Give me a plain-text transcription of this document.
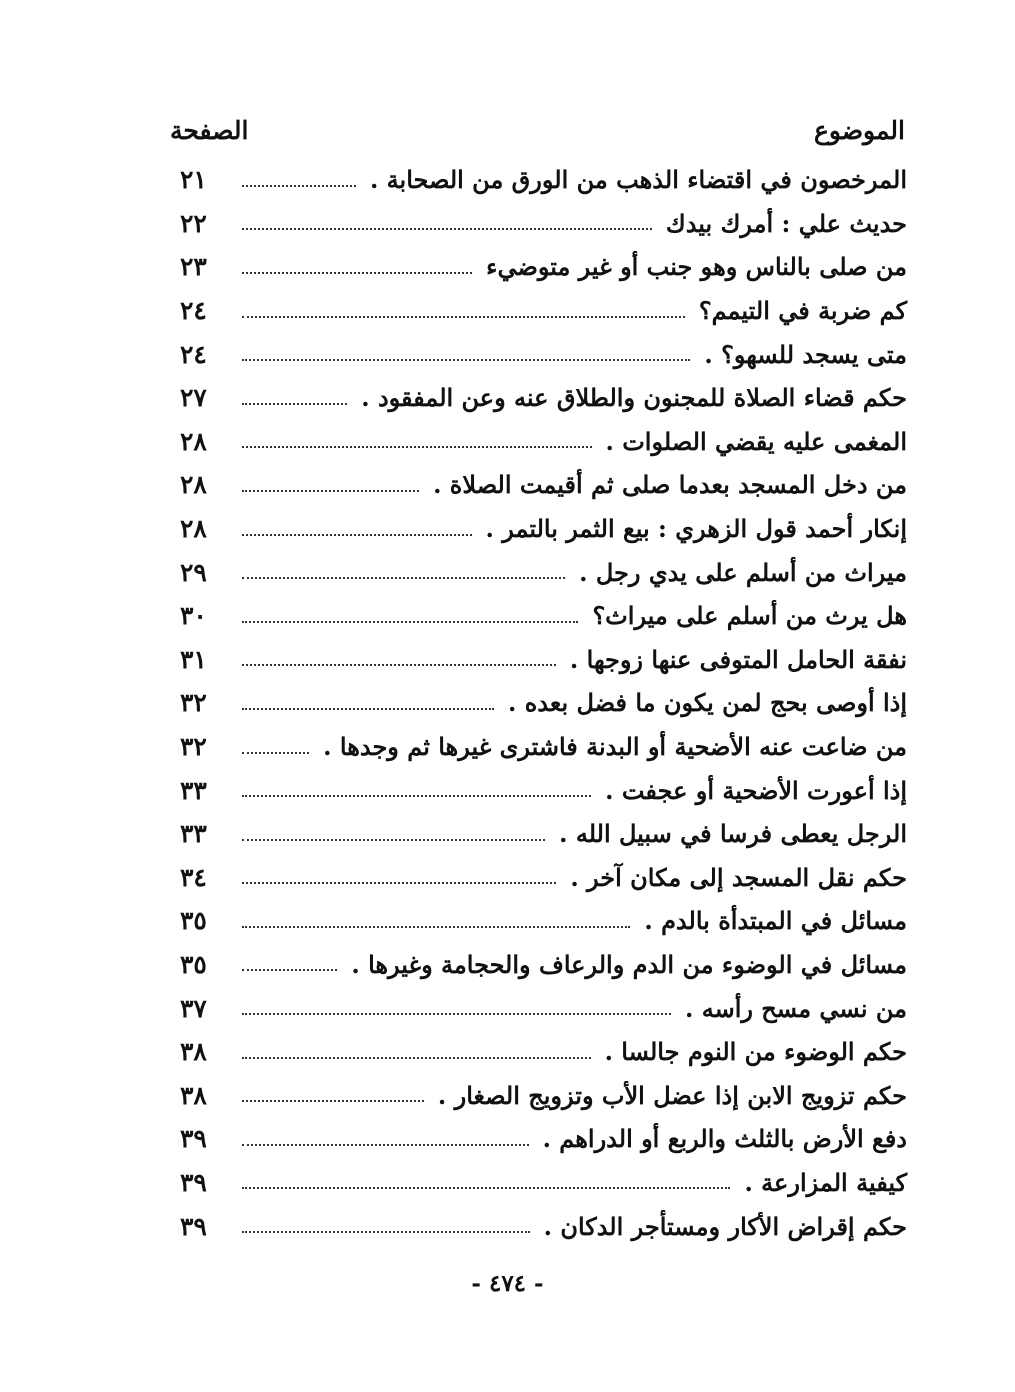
الموضوع
الصفحة
المرخصون في اقتضاء الذهب من الورق من الصحابة .
٢١
حديث علي : أمرك بيدك
٢٢
من صلى بالناس وهو جنب أو غير متوضيء
٢٣
كم ضربة في التيمم؟
٢٤
متى يسجد للسهو؟ .
٢٤
حكم قضاء الصلاة للمجنون والطلاق عنه وعن المفقود .
٢٧
المغمى عليه يقضي الصلوات .
٢٨
من دخل المسجد بعدما صلى ثم أقيمت الصلاة .
٢٨
إنكار أحمد قول الزهري : بيع الثمر بالتمر .
٢٨
ميراث من أسلم على يدي رجل .
٢٩
هل يرث من أسلم على ميراث؟
٣٠
نفقة الحامل المتوفى عنها زوجها .
٣١
إذا أوصى بحج لمن يكون ما فضل بعده .
٣٢
من ضاعت عنه الأضحية أو البدنة فاشترى غيرها ثم وجدها .
٣٢
إذا أعورت الأضحية أو عجفت .
٣٣
الرجل يعطى فرسا في سبيل الله .
٣٣
حكم نقل المسجد إلى مكان آخر .
٣٤
مسائل في المبتدأة بالدم .
٣٥
مسائل في الوضوء من الدم والرعاف والحجامة وغيرها .
٣٥
من نسي مسح رأسه .
٣٧
حكم الوضوء من النوم جالسا .
٣٨
حكم تزويج الابن إذا عضل الأب وتزويج الصغار .
٣٨
دفع الأرض بالثلث والربع أو الدراهم .
٣٩
كيفية المزارعة .
٣٩
حكم إقراض الأكار ومستأجر الدكان .
٣٩
- ٤٧٤ -
